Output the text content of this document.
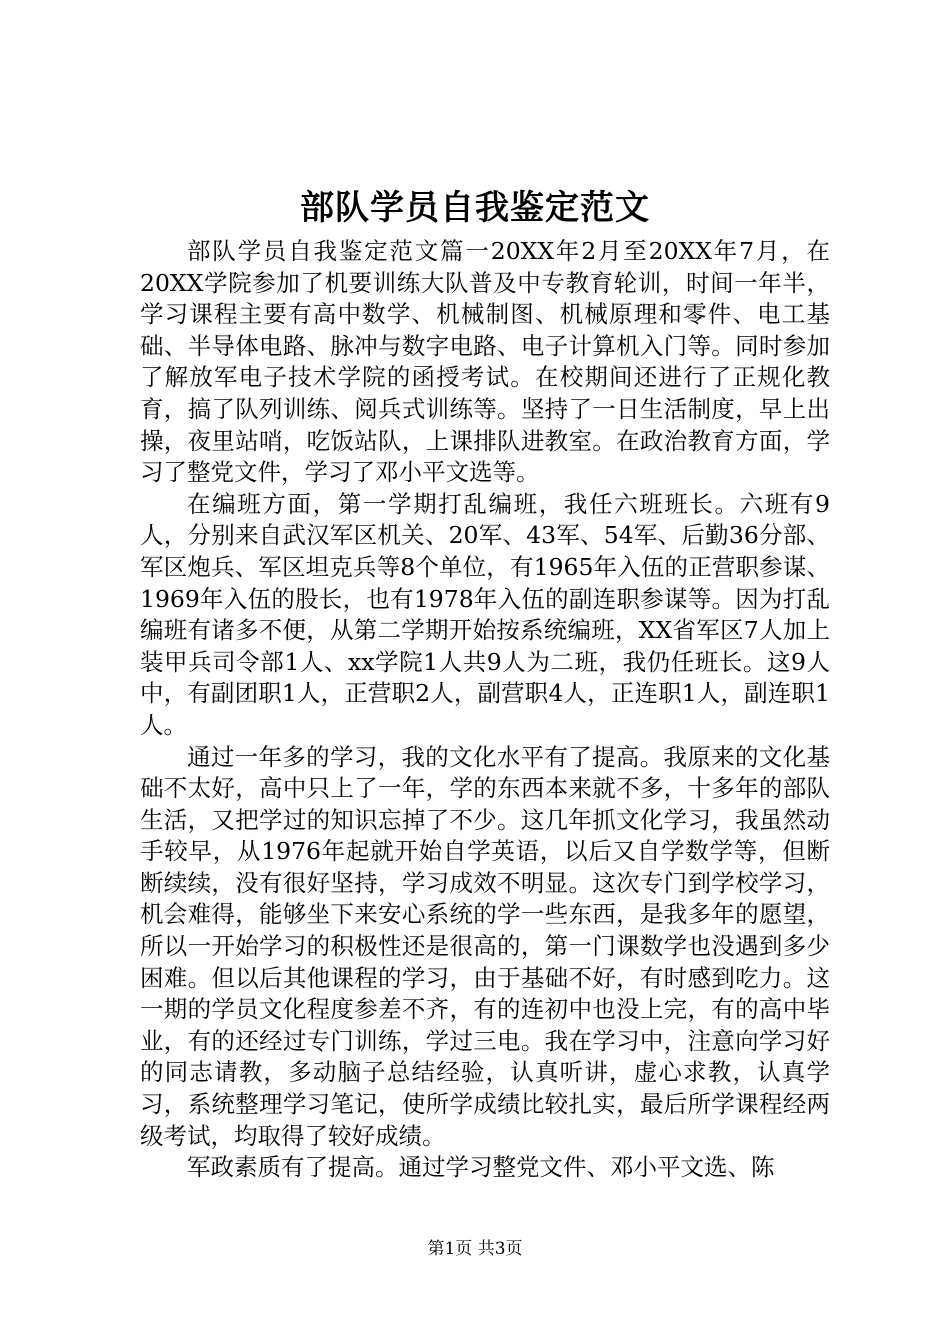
部队学员自我鉴定范文

部队学员自我鉴定范文篇一20XX年2月至20XX年7月，在20XX学院参加了机要训练大队普及中专教育轮训，时间一年半，学习课程主要有高中数学、机械制图、机械原理和零件、电工基础、半导体电路、脉冲与数字电路、电子计算机入门等。同时参加了解放军电子技术学院的函授考试。在校期间还进行了正规化教育，搞了队列训练、阅兵式训练等。坚持了一日生活制度，早上出操，夜里站哨，吃饭站队，上课排队进教室。在政治教育方面，学习了整党文件，学习了邓小平文选等。

在编班方面，第一学期打乱编班，我任六班班长。六班有9人，分别来自武汉军区机关、20军、43军、54军、后勤36分部、军区炮兵、军区坦克兵等8个单位，有1965年入伍的正营职参谋、1969年入伍的股长，也有1978年入伍的副连职参谋等。因为打乱编班有诸多不便，从第二学期开始按系统编班，XX省军区7人加上装甲兵司令部1人、xx学院1人共9人为二班，我仍任班长。这9人中，有副团职1人，正营职2人，副营职4人，正连职1人，副连职1人。

通过一年多的学习，我的文化水平有了提高。我原来的文化基础不太好，高中只上了一年，学的东西本来就不多，十多年的部队生活，又把学过的知识忘掉了不少。这几年抓文化学习，我虽然动手较早，从1976年起就开始自学英语，以后又自学数学等，但断断续续，没有很好坚持，学习成效不明显。这次专门到学校学习，机会难得，能够坐下来安心系统的学一些东西，是我多年的愿望，所以一开始学习的积极性还是很高的，第一门课数学也没遇到多少困难。但以后其他课程的学习，由于基础不好，有时感到吃力。这一期的学员文化程度参差不齐，有的连初中也没上完，有的高中毕业，有的还经过专门训练，学过三电。我在学习中，注意向学习好的同志请教，多动脑子总结经验，认真听讲，虚心求教，认真学习，系统整理学习笔记，使所学成绩比较扎实，最后所学课程经两级考试，均取得了较好成绩。

军政素质有了提高。通过学习整党文件、邓小平文选、陈

第1页 共3页
